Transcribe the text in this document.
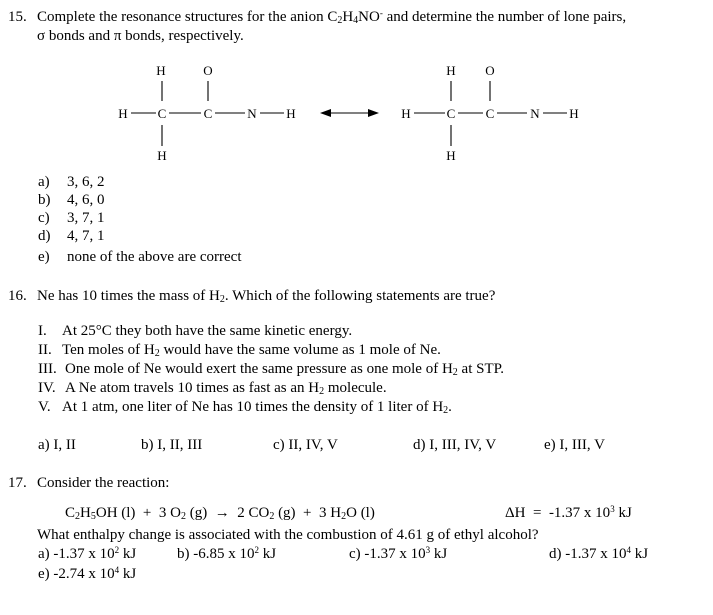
15. Complete the resonance structures for the anion $C_2H_4NO^-$ and determine the number of lone pairs,
σ bonds and π bonds, respectively.
H	O
H C	C	N H
H
H O
H	C C	N H
H
a) 3, 6, 2
b) 4, 6, 0
c) 3, 7, 1
d) 4, 7, 1
e) none of the above are correct
16. Ne has 10 times the mass of $H_2$. Which of the following statements are true?
I. At 25°C they both have the same kinetic energy.
II. Ten moles of $H_2$ would have the same volume as 1 mole of Ne.
III. One mole of Ne would exert the same pressure as one mole of $H_2$ at STP.
IV. A Ne atom travels 10 times as fast as an $H_2$ molecule.
V. At 1 atm, one liter of Ne has 10 times the density of 1 liter of $H_2$.
a) I, II	b) I, II, III	c) II, IV, V	d) I, III, IV, V	e) I, III, V
17. Consider the reaction:
$C_2H_5OH$ (l)  +  3 $O_2$ (g)  →  2 $CO_2$ (g)  +  3 $H_2O$ (l)	ΔH  =  -1.37 x $10^3$ kJ
What enthalpy change is associated with the combustion of 4.61 g of ethyl alcohol?
a) -1.37 x $10^2$ kJ	b) -6.85 x $10^2$ kJ	c) -1.37 x $10^3$ kJ	d) -1.37 x $10^4$ kJ
e) -2.74 x $10^4$ kJ
